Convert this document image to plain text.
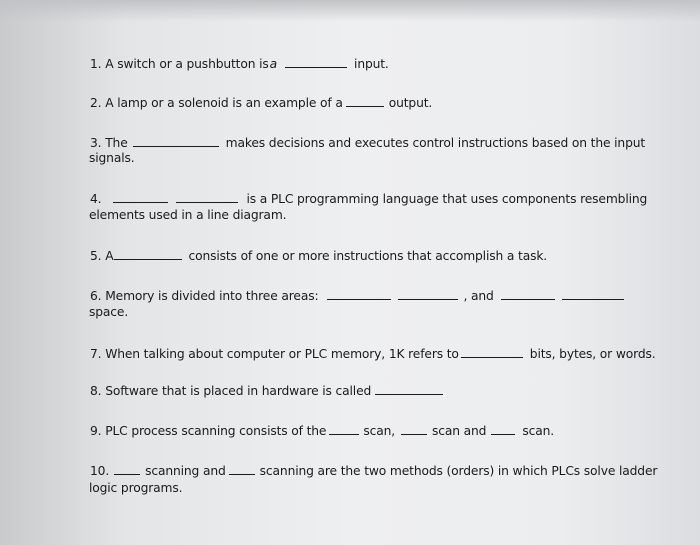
1. A switch or a pushbutton isa	input.
2. A lamp or a solenoid is an example of a	output.
3. The	makes decisions and executes control instructions based on the input
signals.
4.	is a PLC programming language that uses components resembling
elements used in a line diagram.
5. A	consists of one or more instructions that accomplish a task.
6. Memory is divided into three areas:	, and
space.
7. When talking about computer or PLC memory, 1K refers to	bits, bytes, or words.
8. Software that is placed in hardware is called
9. PLC process scanning consists of the	scan,	scan and	scan.
10.	scanning and	scanning are the two methods (orders) in which PLCs solve ladder
logic programs.
